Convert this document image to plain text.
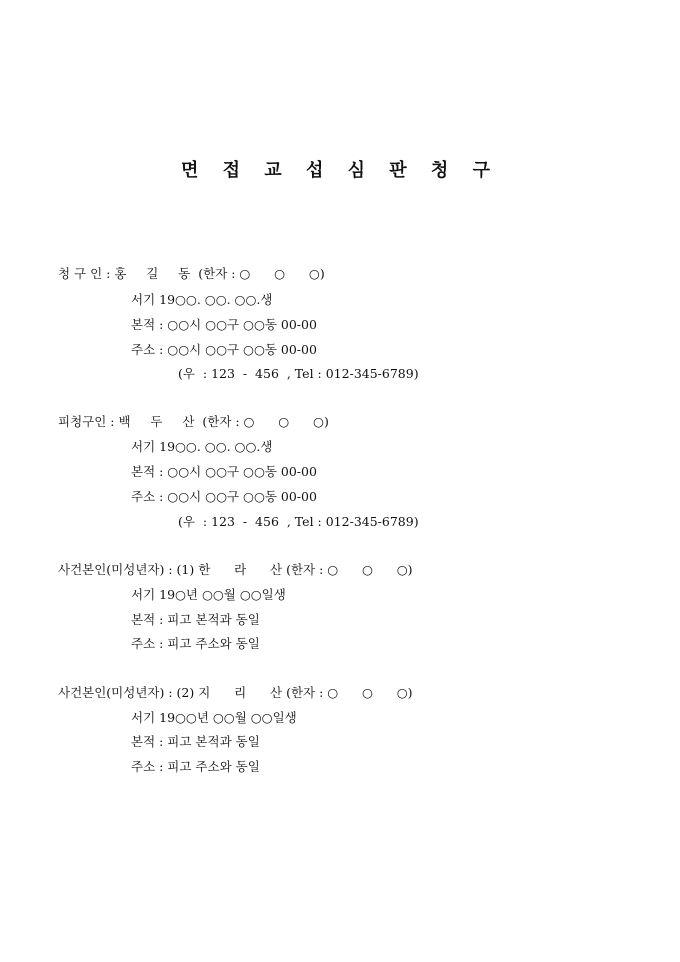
면 접 교 섭 심 판 청 구
청 구 인 : 홍     길     동  (한자 : ○      ○      ○)
서기 19○○. ○○. ○○.생
본적 : ○○시 ○○구 ○○동 00-00
주소 : ○○시 ○○구 ○○동 00-00
(우  : 123  -  456  , Tel : 012-345-6789)
피청구인 : 백     두     산  (한자 : ○      ○      ○)
서기 19○○. ○○. ○○.생
본적 : ○○시 ○○구 ○○동 00-00
주소 : ○○시 ○○구 ○○동 00-00
(우  : 123  -  456  , Tel : 012-345-6789)
사건본인(미성년자) : (1) 한      라      산 (한자 : ○      ○      ○)
서기 19○년 ○○월 ○○일생
본적 : 피고 본적과 동일
주소 : 피고 주소와 동일
사건본인(미성년자) : (2) 지      리      산 (한자 : ○      ○      ○)
서기 19○○년 ○○월 ○○일생
본적 : 피고 본적과 동일
주소 : 피고 주소와 동일
